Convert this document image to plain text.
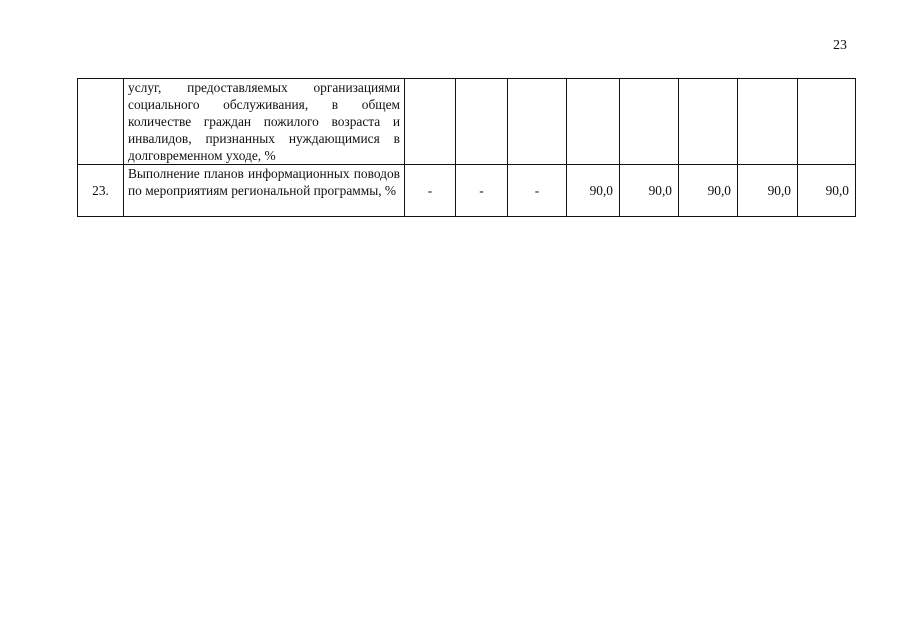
23

	услуг, предоставляемых организациями социального обслуживания, в общем количестве граждан пожилого возраста и инвалидов, признанных нуждающимися в долговременном уходе, %								

23.	Выполнение планов информационных поводов по мероприятиям региональной программы, %	-	-	-	90,0	90,0	90,0	90,0	90,0
